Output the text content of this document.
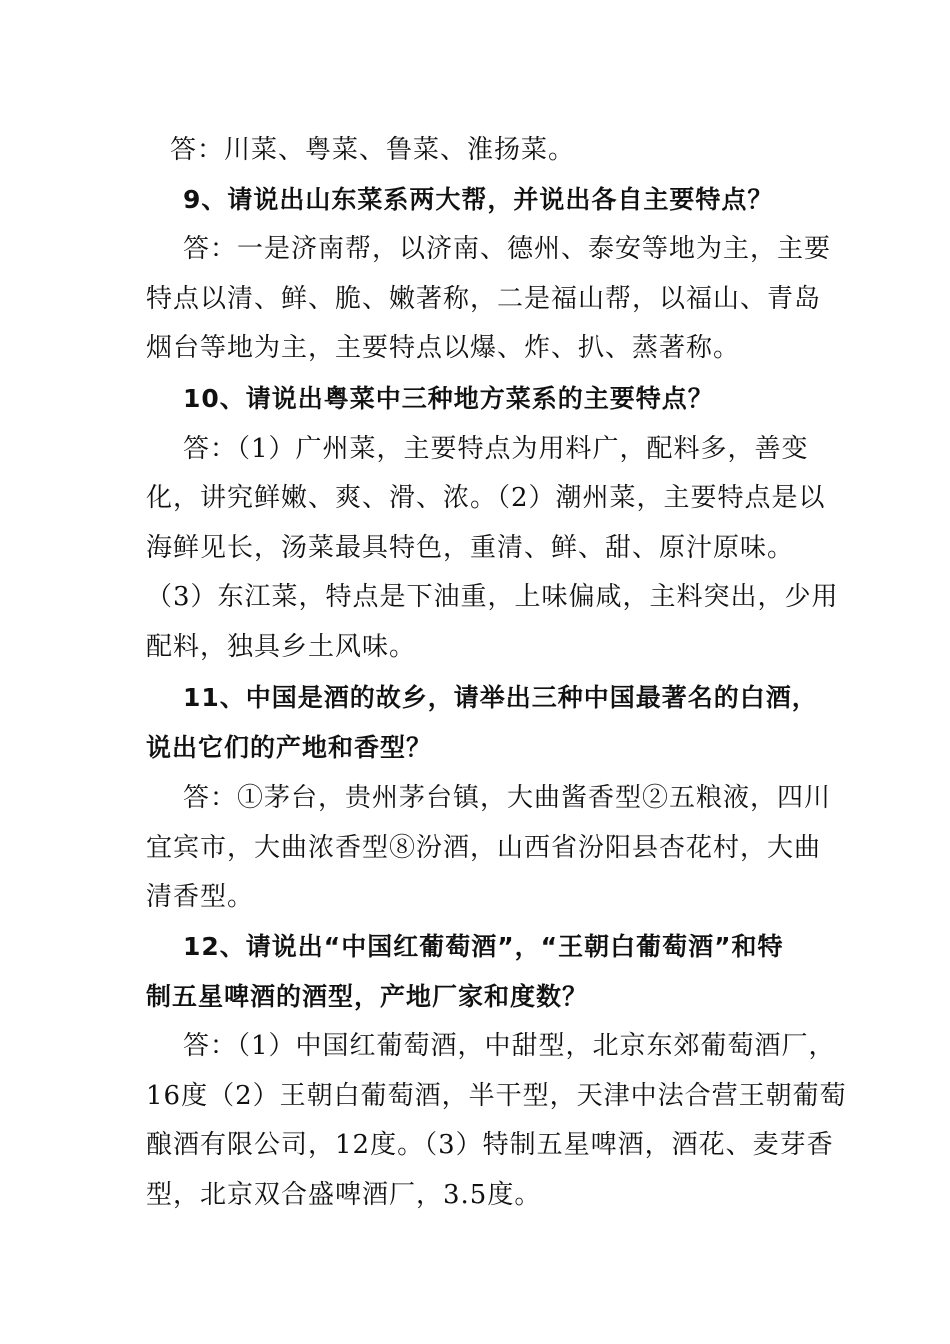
答：川菜、粤菜、鲁菜、淮扬菜。
9、请说出山东菜系两大帮，并说出各自主要特点？
答：一是济南帮，以济南、德州、泰安等地为主，主要
特点以清、鲜、脆、嫩著称，二是福山帮，以福山、青岛
烟台等地为主，主要特点以爆、炸、扒、蒸著称。
10、请说出粤菜中三种地方菜系的主要特点？
答：（1）广州菜，主要特点为用料广，配料多，善变
化，讲究鲜嫩、爽、滑、浓。（2）潮州菜，主要特点是以
海鲜见长，汤菜最具特色，重清、鲜、甜、原汁原味。
（3）东江菜，特点是下油重，上味偏咸，主料突出，少用
配料，独具乡土风味。
11、中国是酒的故乡，请举出三种中国最著名的白酒，
说出它们的产地和香型？
答：①茅台，贵州茅台镇，大曲酱香型②五粮液，四川
宜宾市，大曲浓香型⑧汾酒，山西省汾阳县杏花村，大曲
清香型。
12、请说出“中国红葡萄酒”，“王朝白葡萄酒”和特
制五星啤酒的酒型，产地厂家和度数？
答：（1）中国红葡萄酒，中甜型，北京东郊葡萄酒厂，
16度（2）王朝白葡萄酒，半干型，天津中法合营王朝葡萄
酿酒有限公司，12度。（3）特制五星啤酒，酒花、麦芽香
型，北京双合盛啤酒厂，3.5度。
